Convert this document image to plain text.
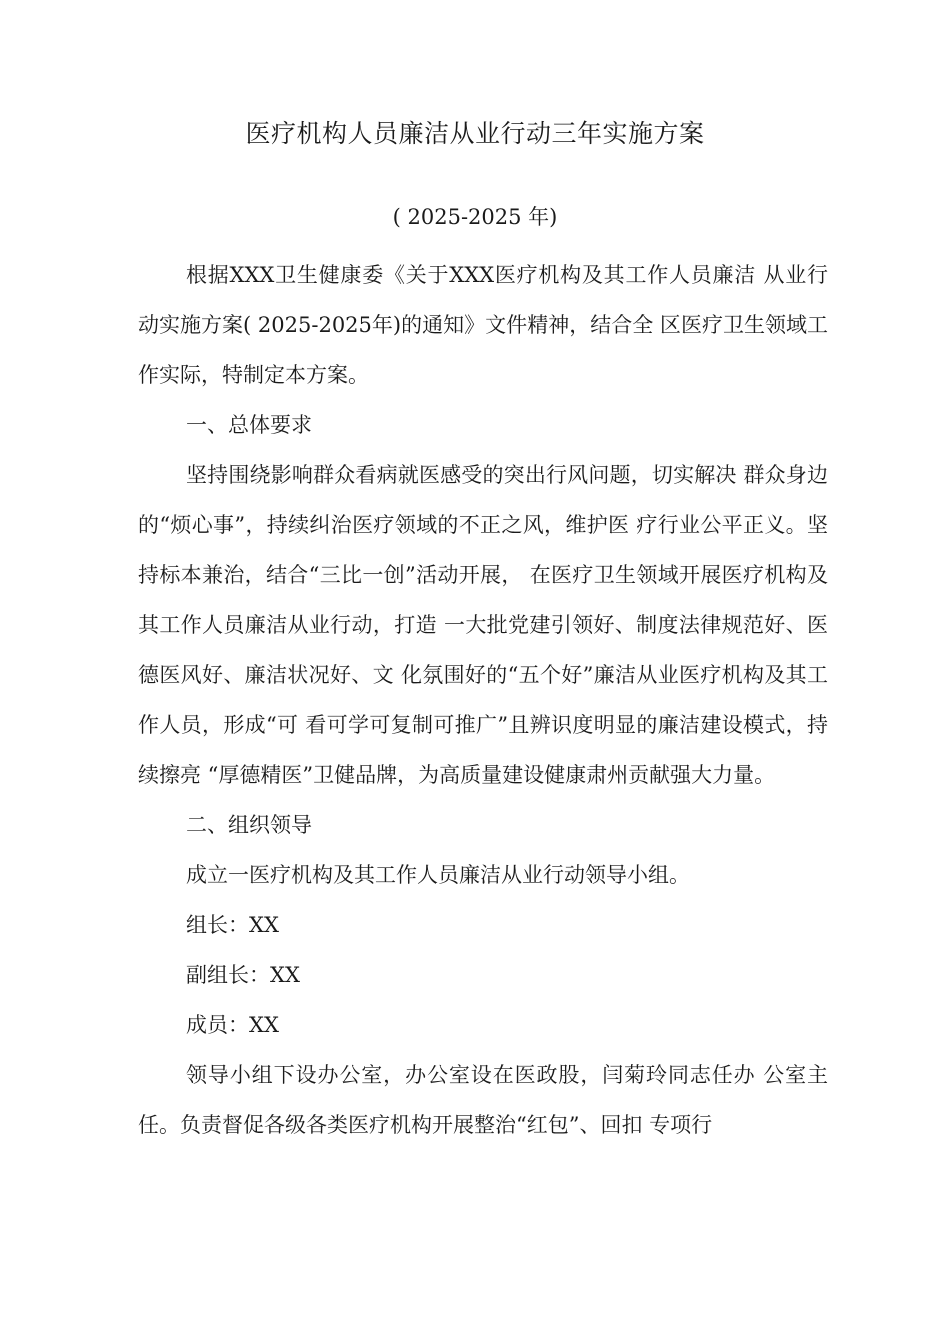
医疗机构人员廉洁从业行动三年实施方案
( 2025-2025 年)

根据XXX卫生健康委《关于XXX医疗机构及其工作人员廉洁 从业行动实施方案( 2025-2025年)的通知》文件精神，结合全 区医疗卫生领域工作实际，特制定本方案。

一、总体要求

坚持围绕影响群众看病就医感受的突出行风问题，切实解决 群众身边的“烦心事”，持续纠治医疗领域的不正之风，维护医 疗行业公平正义。坚持标本兼治，结合“三比一创”活动开展， 在医疗卫生领域开展医疗机构及其工作人员廉洁从业行动，打造 一大批党建引领好、制度法律规范好、医德医风好、廉洁状况好、文 化氛围好的“五个好”廉洁从业医疗机构及其工作人员，形成“可 看可学可复制可推广”且辨识度明显的廉洁建设模式，持续擦亮 “厚德精医”卫健品牌，为高质量建设健康肃州贡献强大力量。

二、组织领导

成立一医疗机构及其工作人员廉洁从业行动领导小组。

组长：XX

副组长：XX

成员：XX

领导小组下设办公室，办公室设在医政股，闫菊玲同志任办 公室主任。负责督促各级各类医疗机构开展整治“红包”、回扣 专项行
